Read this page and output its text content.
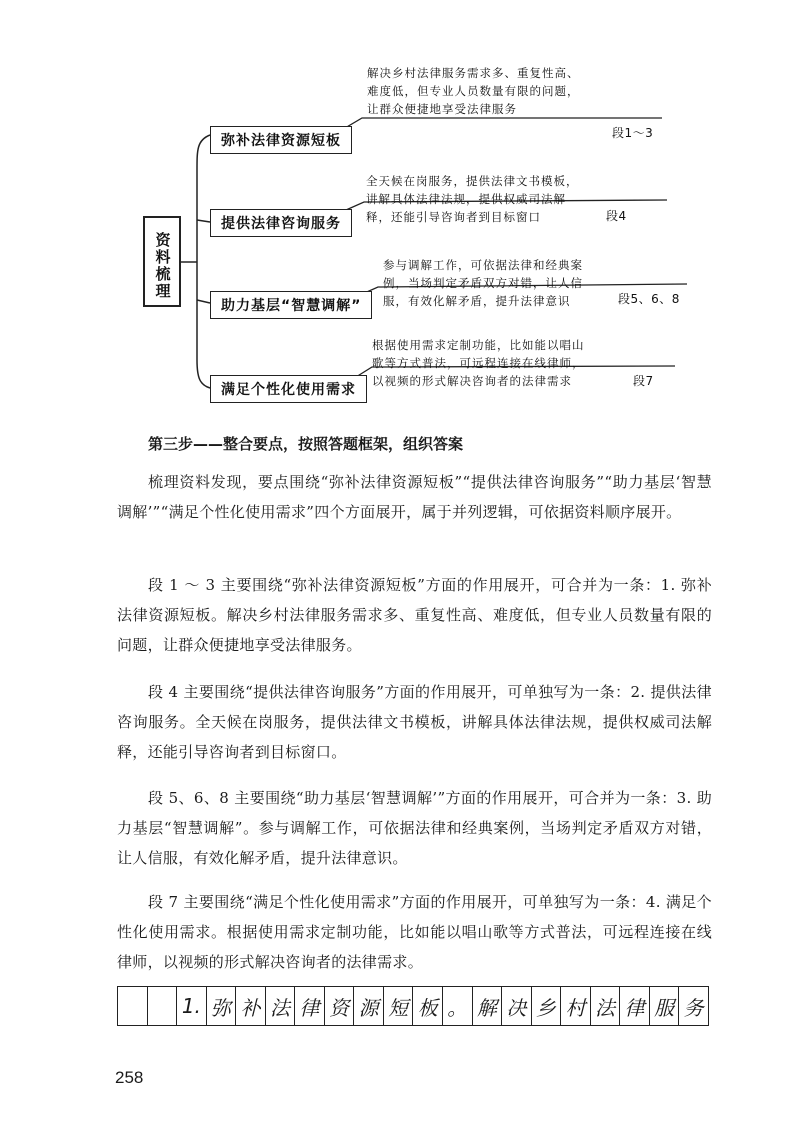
资料梳理
弥补法律资源短板
解决乡村法律服务需求多、重复性高、
难度低，但专业人员数量有限的问题，
让群众便捷地享受法律服务
段1～3
提供法律咨询服务
全天候在岗服务，提供法律文书模板，
讲解具体法律法规，提供权威司法解
释，还能引导咨询者到目标窗口	段4
助力基层“智慧调解”
参与调解工作，可依据法律和经典案
例，当场判定矛盾双方对错，让人信
服，有效化解矛盾，提升法律意识	段5、6、8
满足个性化使用需求
根据使用需求定制功能，比如能以唱山
歌等方式普法，可远程连接在线律师，
以视频的形式解决咨询者的法律需求	段7
第三步——整合要点，按照答题框架，组织答案
梳理资料发现，要点围绕“弥补法律资源短板”“提供法律咨询服务”“助力基层‘智慧调解’”“满足个性化使用需求”四个方面展开，属于并列逻辑，可依据资料顺序展开。
段 1 ～ 3 主要围绕“弥补法律资源短板”方面的作用展开，可合并为一条：1. 弥补法律资源短板。解决乡村法律服务需求多、重复性高、难度低，但专业人员数量有限的问题，让群众便捷地享受法律服务。
段 4 主要围绕“提供法律咨询服务”方面的作用展开，可单独写为一条：2. 提供法律咨询服务。全天候在岗服务，提供法律文书模板，讲解具体法律法规，提供权威司法解释，还能引导咨询者到目标窗口。
段 5、6、8 主要围绕“助力基层‘智慧调解’”方面的作用展开，可合并为一条：3. 助力基层“智慧调解”。参与调解工作，可依据法律和经典案例，当场判定矛盾双方对错，让人信服，有效化解矛盾，提升法律意识。
段 7 主要围绕“满足个性化使用需求”方面的作用展开，可单独写为一条：4. 满足个性化使用需求。根据使用需求定制功能，比如能以唱山歌等方式普法，可远程连接在线律师，以视频的形式解决咨询者的法律需求。
1. 弥 补 法 律 资 源 短 板 。 解 决 乡 村 法 律 服 务
258
